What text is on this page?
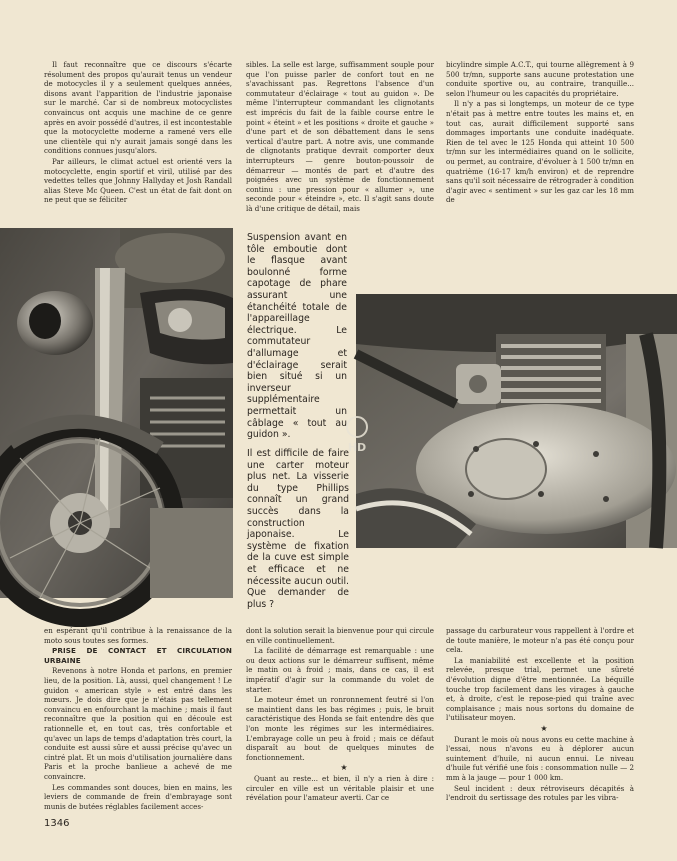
Il faut reconnaître que ce discours s'écarte résolument des propos qu'aurait tenus un vendeur de motocycles il y a seulement quelques années, disons avant l'apparition de l'industrie japonaise sur le marché. Car si de nombreux motocyclistes convaincus ont acquis une machine de ce genre après en avoir possédé d'autres, il est incontestable que la motocyclette moderne a ramené vers elle une clientèle qui n'y aurait jamais songé dans les conditions connues jusqu'alors.

Par ailleurs, le climat actuel est orienté vers la motocyclette, engin sportif et viril, utilisé par des vedettes telles que Johnny Hallyday et Josh Randall alias Steve Mc Queen. C'est un état de fait dont on ne peut que se féliciter

sibles. La selle est large, suffisamment souple pour que l'on puisse parler de confort tout en ne s'avachissant pas. Regrettons l'absence d'un commutateur d'éclairage « tout au guidon ». De même l'interrupteur commandant les clignotants est imprécis du fait de la faible course entre le point « éteint » et les positions « droite et gauche » d'une part et de son débattement dans le sens vertical d'autre part. A notre avis, une commande de clignotants pratique devrait comporter deux interrupteurs — genre bouton-poussoir de démarreur — montés de part et d'autre des poignées avec un système de fonctionnement continu : une pression pour « allumer », une seconde pour « éteindre », etc. Il s'agit sans doute là d'une critique de détail, mais

bicylindre simple A.C.T., qui tourne allègrement à 9 500 tr/mn, supporte sans aucune protestation une conduite sportive ou, au contraire, tranquille... selon l'humeur ou les capacités du propriétaire.

Il n'y a pas si longtemps, un moteur de ce type n'était pas à mettre entre toutes les mains et, en tout cas, aurait difficilement supporté sans dommages importants une conduite inadéquate. Rien de tel avec le 125 Honda qui atteint 10 500 tr/mn sur les intermédiaires quand on le sollicite, ou permet, au contraire, d'évoluer à 1 500 tr/mn en quatrième (16-17 km/h environ) et de reprendre sans qu'il soit nécessaire de rétrograder à condition d'agir avec « sentiment » sur les gaz car les 18 mm de

Suspension avant en tôle emboutie dont le flasque avant boulonné forme capotage de phare assurant une étanchéité totale de l'appareillage électrique. Le commutateur d'allumage et d'éclairage serait bien situé si un inverseur supplémentaire permettait un câblage « tout au guidon ».

HD

Il est difficile de faire une carter moteur plus net. La visserie du type Phillips connaît un grand succès dans la construction japonaise. Le système de fixation de la cuve est simple et efficace et ne nécessite aucun outil. Que demander de plus ?

en espérant qu'il contribue à la renaissance de la moto sous toutes ses formes.

PRISE DE CONTACT ET CIRCULATION URBAINE

Revenons à notre Honda et parlons, en premier lieu, de la position. Là, aussi, quel changement ! Le guidon « american style » est entré dans les mœurs. Je dois dire que je n'étais pas tellement convaincu en enfourchant la machine ; mais il faut reconnaître que la position qui en découle est rationnelle et, en tout cas, très confortable et qu'avec un laps de temps d'adaptation très court, la conduite est aussi sûre et aussi précise qu'avec un cintré plat. Et un mois d'utilisation journalière dans Paris et la proche banlieue a achevé de me convaincre.

Les commandes sont douces, bien en mains, les leviers de commande de frein d'embrayage sont munis de butées réglables facilement acces-

dont la solution serait la bienvenue pour qui circule en ville continuellement.

La facilité de démarrage est remarquable : une ou deux actions sur le démarreur suffisent, même le matin ou à froid ; mais, dans ce cas, il est impératif d'agir sur la commande du volet de starter.

Le moteur émet un ronronnement feutré si l'on se maintient dans les bas régimes ; puis, le bruit caractéristique des Honda se fait entendre dès que l'on monte les régimes sur les intermédiaires. L'embrayage colle un peu à froid ; mais ce défaut disparaît au bout de quelques minutes de fonctionnement.

★

Quant au reste... et bien, il n'y a rien à dire : circuler en ville est un véritable plaisir et une révélation pour l'amateur averti. Car ce

passage du carburateur vous rappellent à l'ordre et de toute manière, le moteur n'a pas été conçu pour cela.

La maniabilité est excellente et la position relevée, presque trial, permet une sûreté d'évolution digne d'être mentionnée. La béquille touche trop facilement dans les virages à gauche et, à droite, c'est le repose-pied qui traîne avec complaisance ; mais nous sortons du domaine de l'utilisateur moyen.

★

Durant le mois où nous avons eu cette machine à l'essai, nous n'avons eu à déplorer aucun suintement d'huile, ni aucun ennui. Le niveau d'huile fut vérifié une fois : consommation nulle — 2 mm à la jauge — pour 1 000 km.

Seul incident : deux rétroviseurs décapités à l'endroit du sertissage des rotules par les vibra-

1346
